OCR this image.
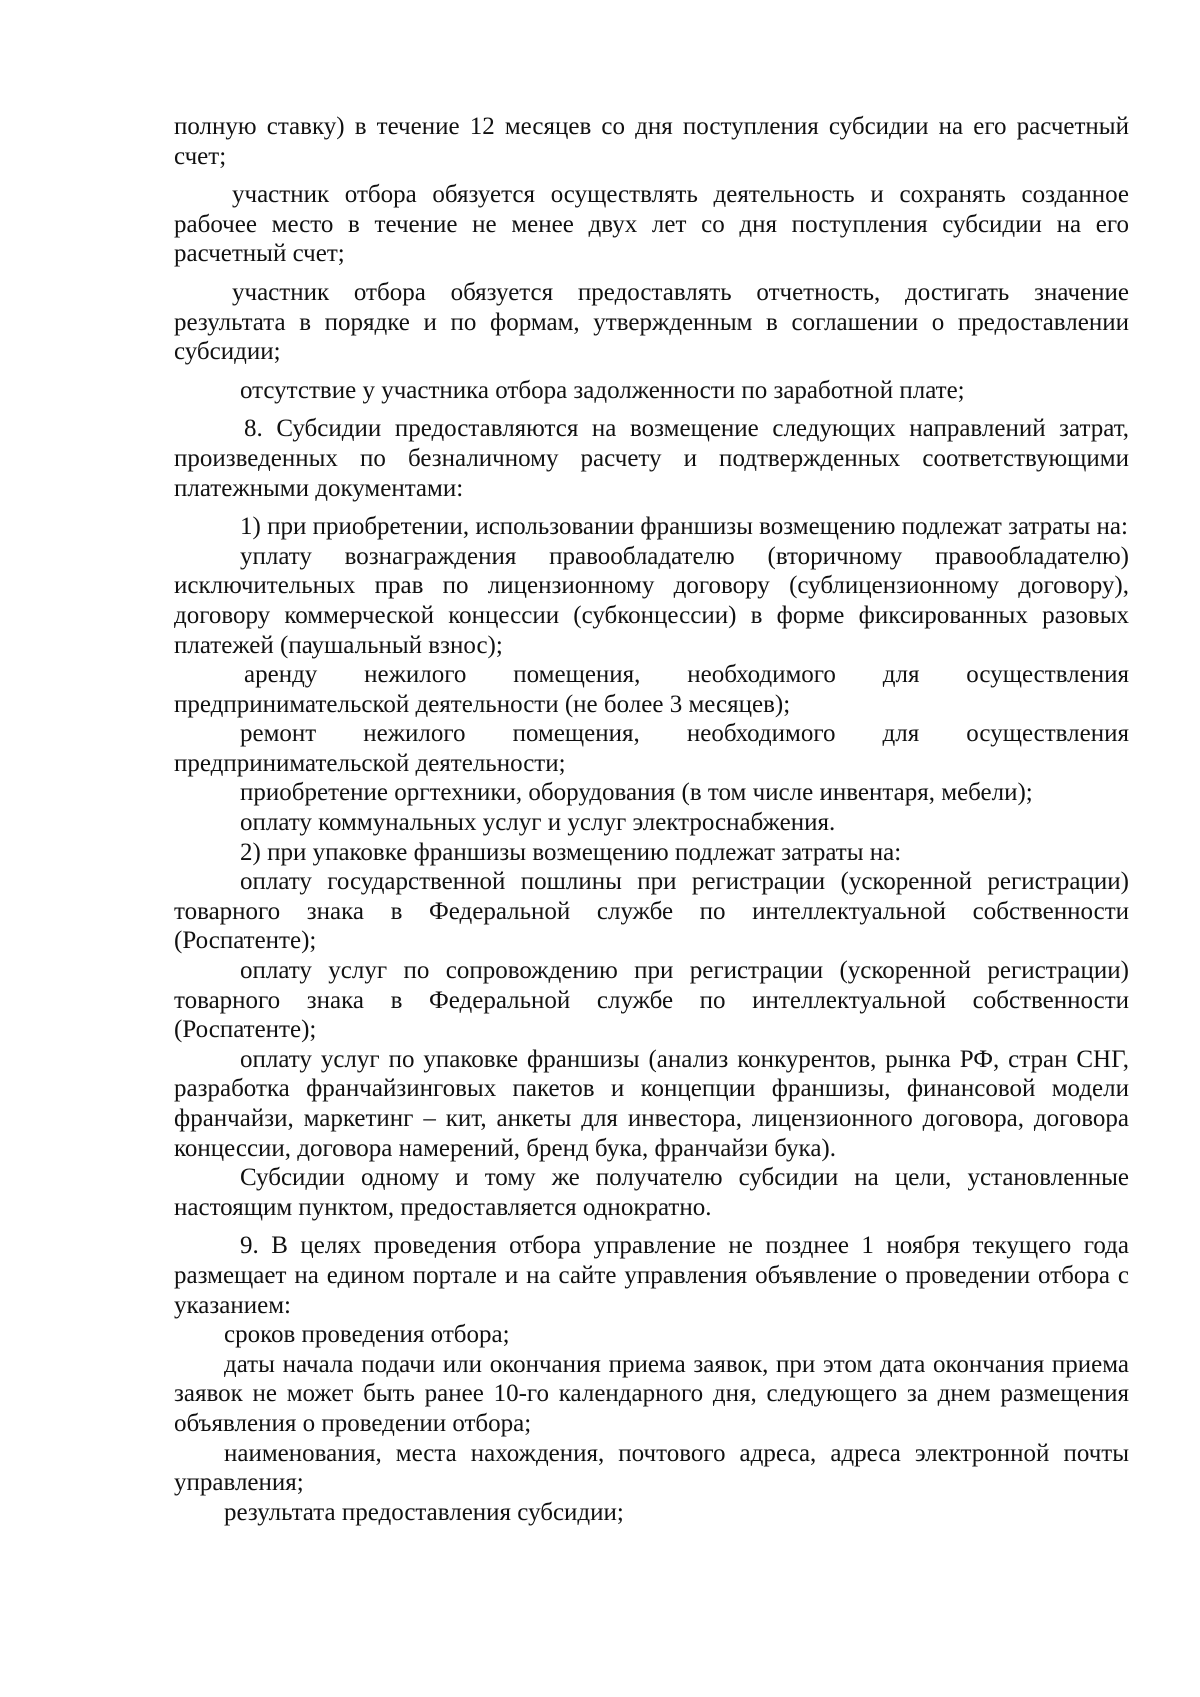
полную ставку) в течение 12 месяцев со дня поступления субсидии на его расчетный счет;

участник отбора обязуется осуществлять деятельность и сохранять созданное рабочее место в течение не менее двух лет со дня поступления субсидии на его расчетный счет;

участник отбора обязуется предоставлять отчетность, достигать значение результата в порядке и по формам, утвержденным в соглашении о предоставлении субсидии;

отсутствие у участника отбора задолженности по заработной плате;

8. Субсидии предоставляются на возмещение следующих направлений затрат, произведенных по безналичному расчету и подтвержденных соответствующими платежными документами:

1) при приобретении, использовании франшизы возмещению подлежат затраты на:

уплату вознаграждения правообладателю (вторичному правообладателю) исключительных прав по лицензионному договору (сублицензионному договору), договору коммерческой концессии (субконцессии) в форме фиксированных разовых платежей (паушальный взнос);

аренду нежилого помещения, необходимого для осуществления предпринимательской деятельности (не более 3 месяцев);

ремонт нежилого помещения, необходимого для осуществления предпринимательской деятельности;

приобретение оргтехники, оборудования (в том числе инвентаря, мебели);

оплату коммунальных услуг и услуг электроснабжения.

2) при упаковке франшизы возмещению подлежат затраты на:

оплату государственной пошлины при регистрации (ускоренной регистрации) товарного знака в Федеральной службе по интеллектуальной собственности (Роспатенте);

оплату услуг по сопровождению при регистрации (ускоренной регистрации) товарного знака в Федеральной службе по интеллектуальной собственности (Роспатенте);

оплату услуг по упаковке франшизы (анализ конкурентов, рынка РФ, стран СНГ, разработка франчайзинговых пакетов и концепции франшизы, финансовой модели франчайзи, маркетинг – кит, анкеты для инвестора, лицензионного договора, договора концессии, договора намерений, бренд бука, франчайзи бука).

Субсидии одному и тому же получателю субсидии на цели, установленные настоящим пунктом, предоставляется однократно.

9. В целях проведения отбора управление не позднее 1 ноября текущего года размещает на едином портале и на сайте управления объявление о проведении отбора с указанием:

сроков проведения отбора;

даты начала подачи или окончания приема заявок, при этом дата окончания приема заявок не может быть ранее 10-го календарного дня, следующего за днем размещения объявления о проведении отбора;

наименования, места нахождения, почтового адреса, адреса электронной почты управления;

результата предоставления субсидии;
